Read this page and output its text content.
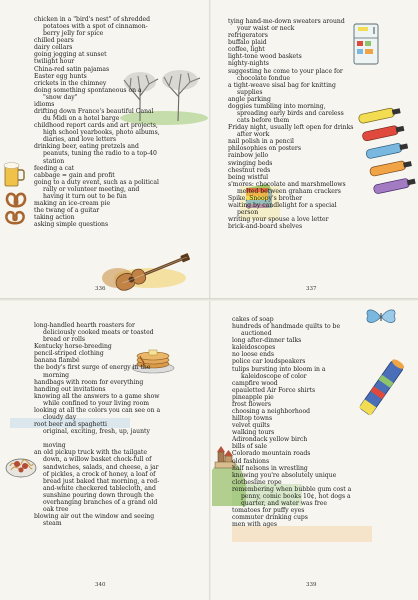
chicken in a "bird's nest" of shredded
potatoes with a spot of cinnamon-
berry jelly for spice
chilled pears
dairy cellars
going jogging at sunset
twilight hour
China-red satin pajamas
Easter egg hunts
crickets in the chimney
doing something spontaneous on a
"snow day"
idioms
drifting down France's beautiful Canal
du Midi on a hotel barge
childhood report cards and art projects,
high school yearbooks, photo albums,
diaries, and love letters
drinking beer, eating pretzels and
peanuts, tuning the radio to a top-40
station
feeding a cat
cabbage = gain and profit
going to a duty event, such as a political
rally or volunteer meeting, and
having it turn out to be fun
making an ice-cream pie
the twang of a guitar
taking action
asking simple questions
336
tying hand-me-down sweaters around
your waist or neck
refrigerators
buffalo plaid
coffee, light
light-tone wood baskets
nighty-nights
suggesting he come to your place for
chocolate fondue
a tight-weave sisal bag for knitting
supplies
angle parking
doggies tumbling into morning,
spreading early birds and careless
cats before them
Friday night, usually left open for drinks
after work
nail polish in a pencil
philosophies on posters
rainbow jello
swinging beds
chestnut reds
being wistful
s'mores: chocolate and marshmellows
melted between graham crackers
Spike, Snoopy's brother
waiting by candlelight for a special
person
writing your spouse a love letter
brick-and-board shelves
337
long-handled hearth roasters for
deliciously cooked meats or toasted
bread or rolls
Kentucky horse-breeding
pencil-striped clothing
banana flambé
the body's first surge of energy in the
morning
handbags with room for everything
handing out invitations
knowing all the answers to a game show
while confined to your living room
looking at all the colors you can see on a
cloudy day
root beer and spaghetti
original, exciting, fresh, up, jaunty

moving
an old pickup truck with the tailgate
down, a willow basket chock-full of
sandwiches, salads, and cheese, a jar
of pickles, a crock of honey, a loaf of
bread just baked that morning, a red-
and-white checkered tablecloth, and
sunshine pouring down through the
overhanging branches of a grand old
oak tree
blowing air out the window and seeing
steam
340
cakes of soap
hundreds of handmade quilts to be
auctioned
long after-dinner talks
kaleidoscopes
no loose ends
police car loudspeakers
tulips bursting into bloom in a
kaleidoscope of color
campfire wood
epauletted Air Force shirts
pineapple pie
frost flowers
choosing a neighborhood
hilltop towns
velvet quilts
walking tours
Adirondack yellow birch
bills of sale
Colorado mountain roads
old fashions
half nelsons in wrestling
knowing you're absolutely unique
clothesline rope
remembering when bubble gum cost a
penny, comic books 10¢, hot dogs a
quarter, and water was free
tomatoes for puffy eyes
commuter drinking cups
men with ages
339
